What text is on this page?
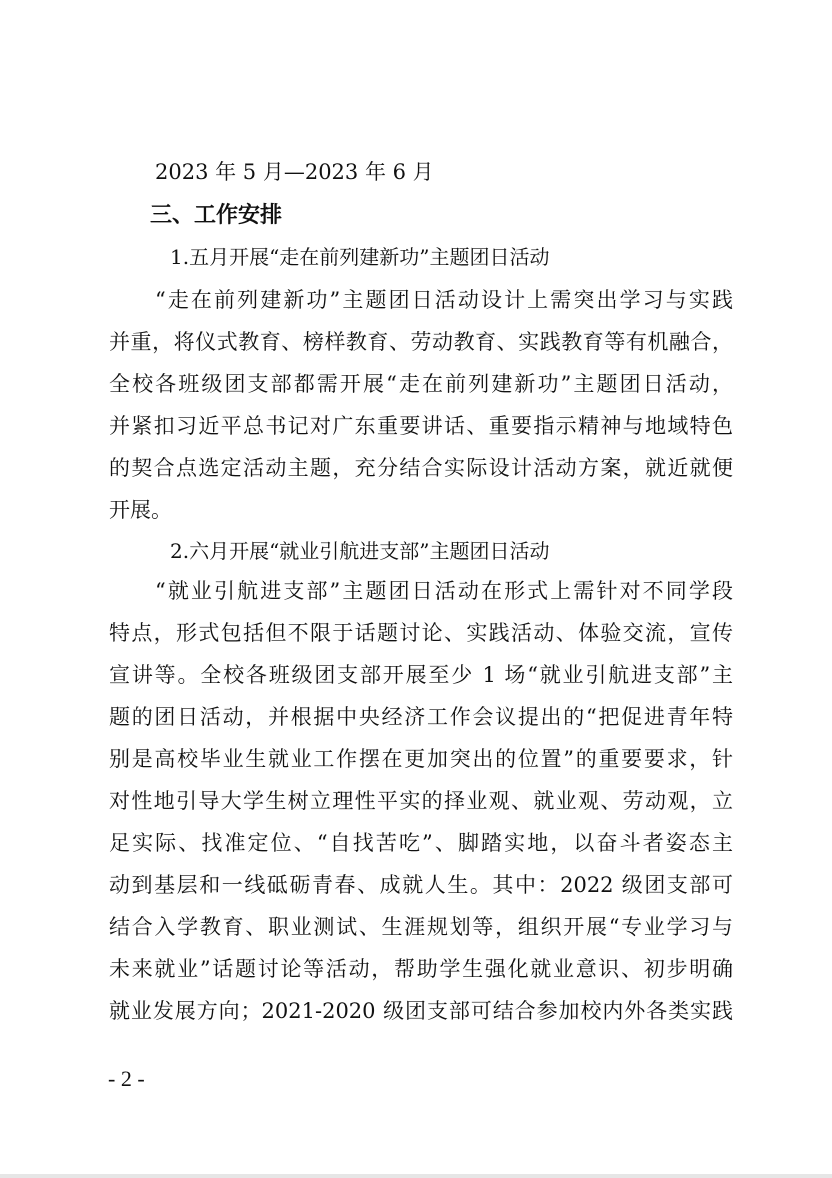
2023 年 5 月—2023 年 6 月
三、工作安排
1.五月开展“走在前列建新功”主题团日活动
“走在前列建新功”主题团日活动设计上需突出学习与实践
并重，将仪式教育、榜样教育、劳动教育、实践教育等有机融合，
全校各班级团支部都需开展“走在前列建新功”主题团日活动，
并紧扣习近平总书记对广东重要讲话、重要指示精神与地域特色
的契合点选定活动主题，充分结合实际设计活动方案，就近就便
开展。
2.六月开展“就业引航进支部”主题团日活动
“就业引航进支部”主题团日活动在形式上需针对不同学段
特点，形式包括但不限于话题讨论、实践活动、体验交流，宣传
宣讲等。全校各班级团支部开展至少 1 场“就业引航进支部”主
题的团日活动，并根据中央经济工作会议提出的“把促进青年特
别是高校毕业生就业工作摆在更加突出的位置”的重要要求，针
对性地引导大学生树立理性平实的择业观、就业观、劳动观，立
足实际、找准定位、“自找苦吃”、脚踏实地，以奋斗者姿态主
动到基层和一线砥砺青春、成就人生。其中：2022 级团支部可
结合入学教育、职业测试、生涯规划等，组织开展“专业学习与
未来就业”话题讨论等活动，帮助学生强化就业意识、初步明确
就业发展方向；2021-2020 级团支部可结合参加校内外各类实践
- 2 -
